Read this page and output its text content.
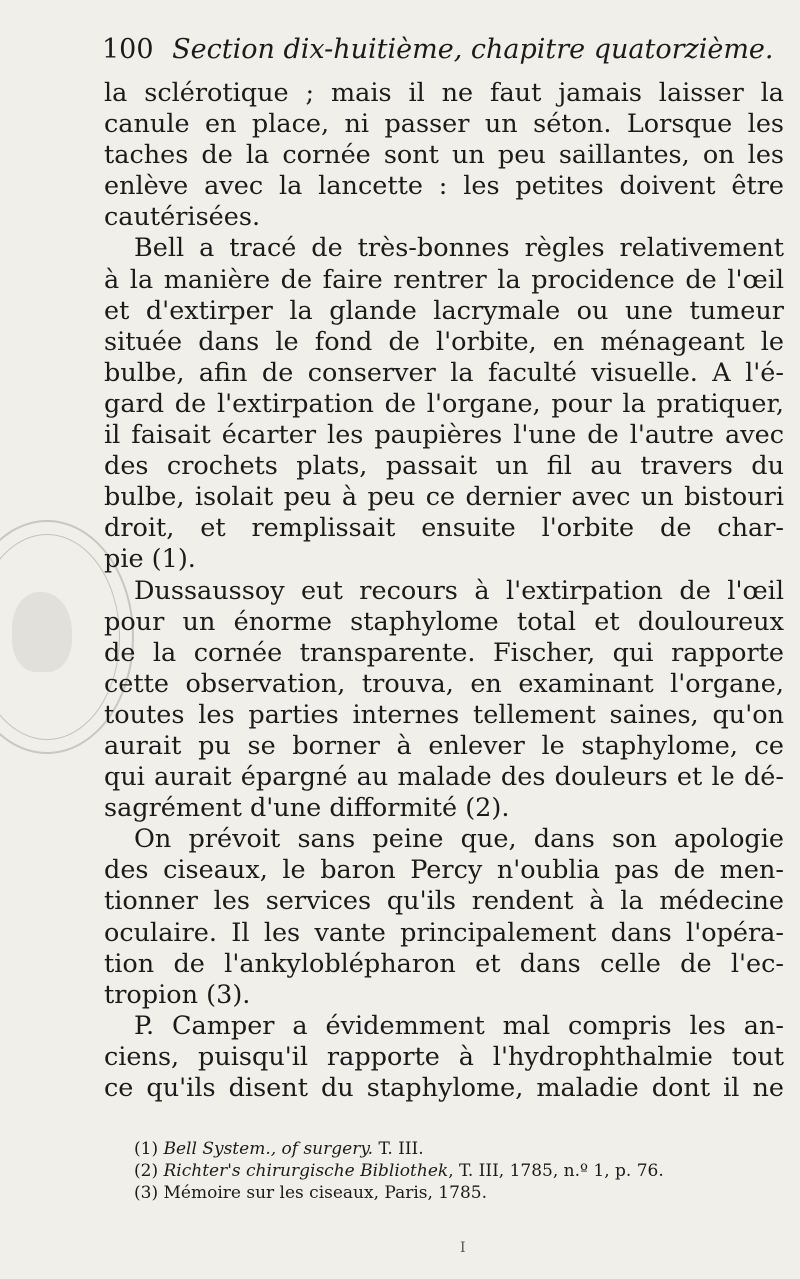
100 Section dix-huitième, chapitre quatorzième.
la sclérotique ; mais il ne faut jamais laisser la
canule en place, ni passer un séton. Lorsque les
taches de la cornée sont un peu saillantes, on les
enlève avec la lancette : les petites doivent être
cautérisées.
Bell a tracé de très-bonnes règles relativement
à la manière de faire rentrer la procidence de l'œil
et d'extirper la glande lacrymale ou une tumeur
située dans le fond de l'orbite, en ménageant le
bulbe, afin de conserver la faculté visuelle. A l'é-
gard de l'extirpation de l'organe, pour la pratiquer,
il faisait écarter les paupières l'une de l'autre avec
des crochets plats, passait un fil au travers du
bulbe, isolait peu à peu ce dernier avec un bistouri
droit, et remplissait ensuite l'orbite de char-
pie (1).
Dussaussoy eut recours à l'extirpation de l'œil
pour un énorme staphylome total et douloureux
de la cornée transparente. Fischer, qui rapporte
cette observation, trouva, en examinant l'organe,
toutes les parties internes tellement saines, qu'on
aurait pu se borner à enlever le staphylome, ce
qui aurait épargné au malade des douleurs et le dé-
sagrément d'une difformité (2).
On prévoit sans peine que, dans son apologie
des ciseaux, le baron Percy n'oublia pas de men-
tionner les services qu'ils rendent à la médecine
oculaire. Il les vante principalement dans l'opéra-
tion de l'ankyloblépharon et dans celle de l'ec-
tropion (3).
P. Camper a évidemment mal compris les an-
ciens, puisqu'il rapporte à l'hydrophthalmie tout
ce qu'ils disent du staphylome, maladie dont il ne
(1) Bell System., of surgery. T. III.
(2) Richter's chirurgische Bibliothek, T. III, 1785, n.º 1, p. 76.
(3) Mémoire sur les ciseaux, Paris, 1785.
I
